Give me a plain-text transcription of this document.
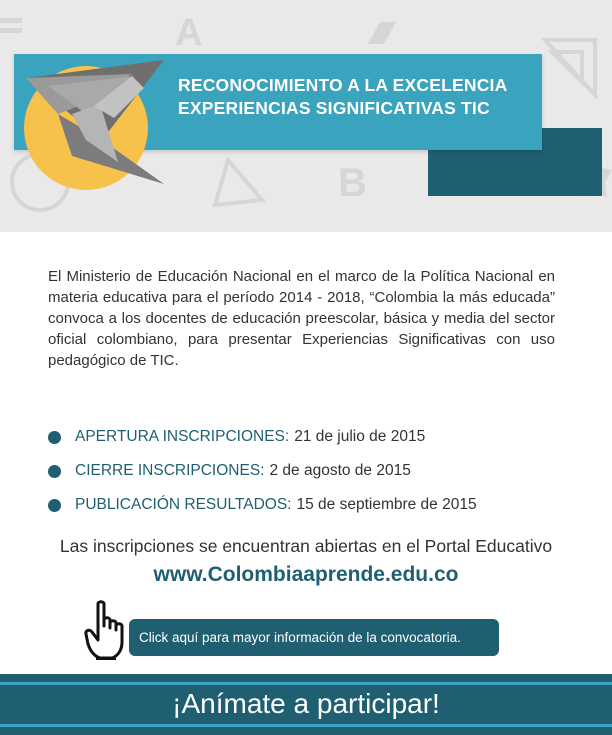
A
B
RECONOCIMIENTO A LA EXCELENCIA
EXPERIENCIAS SIGNIFICATIVAS TIC

El Ministerio de Educación Nacional en el marco de la Política Nacional en materia educativa para el período 2014 - 2018, “Colombia la más educada” convoca a los docentes de educación preescolar, básica y media del sector oficial colombiano, para presentar Experiencias Significativas con uso pedagógico de TIC.

APERTURA INSCRIPCIONES: 21 de julio de 2015
CIERRE INSCRIPCIONES: 2 de agosto de 2015
PUBLICACIÓN RESULTADOS: 15 de septiembre de 2015
Las inscripciones se encuentran abiertas en el Portal Educativo
www.Colombiaaprende.edu.co
Click aquí para mayor información de la convocatoria.
¡Anímate a participar!
